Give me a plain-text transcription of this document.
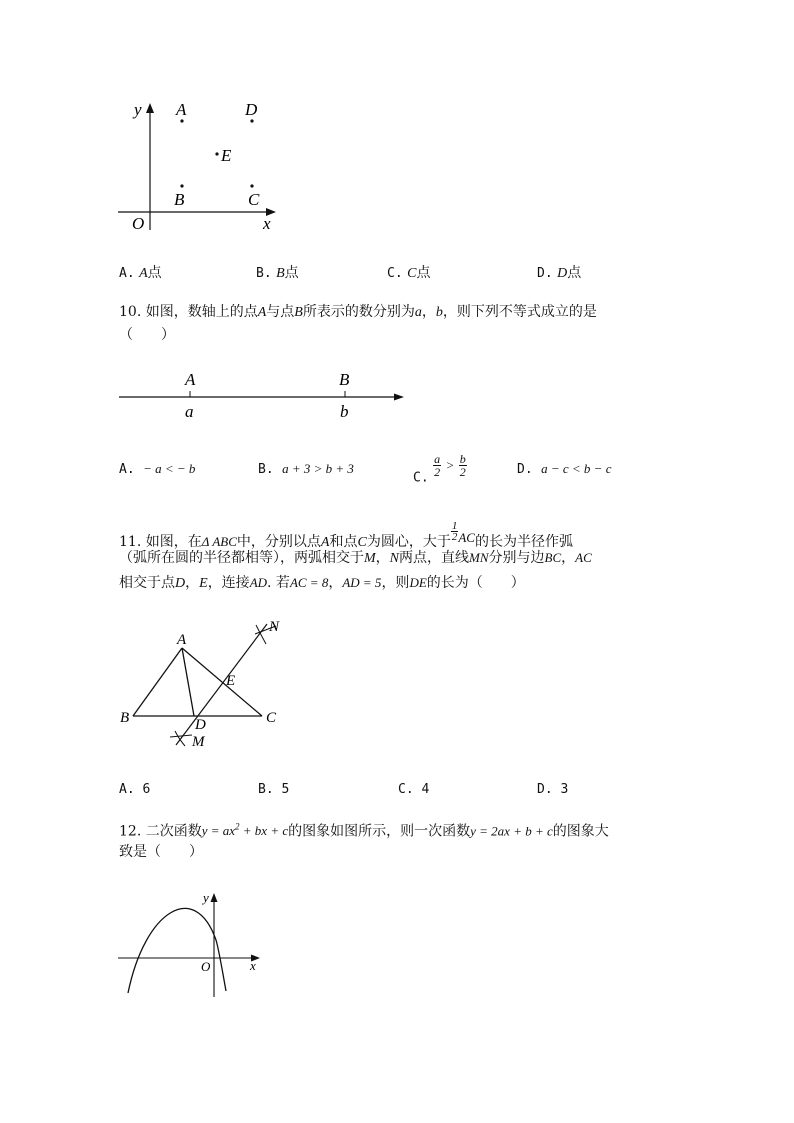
y
O	x
A	D
E
B	C
A. A点	B. B点	C. C点	D. D点
10. 如图，数轴上的点A与点B所表示的数分别为a，b，则下列不等式成立的是
（　　）
A	B
a	b
A. − a < − b	B. a + 3 > b + 3
C. $\frac{a}{2} > \frac{b}{2}$	D. a − c < b − c
11. 如图，在Δ ABC中，分别以点A和点C为圆心，大于 $\frac{1}{2}$ AC的长为半径作弧
（弧所在圆的半径都相等），两弧相交于M，N两点，直线MN分别与边BC，AC
相交于点D，E，连接AD. 若AC = 8，AD = 5，则DE的长为（　　）
A
B	C
D
E
M
N
A. 6	B. 5	C. 4	D. 3
12. 二次函数$y = ax^2$ + bx + c的图象如图所示，则一次函数y = 2ax + b + c的图象大
致是（　　）
y
O	x
